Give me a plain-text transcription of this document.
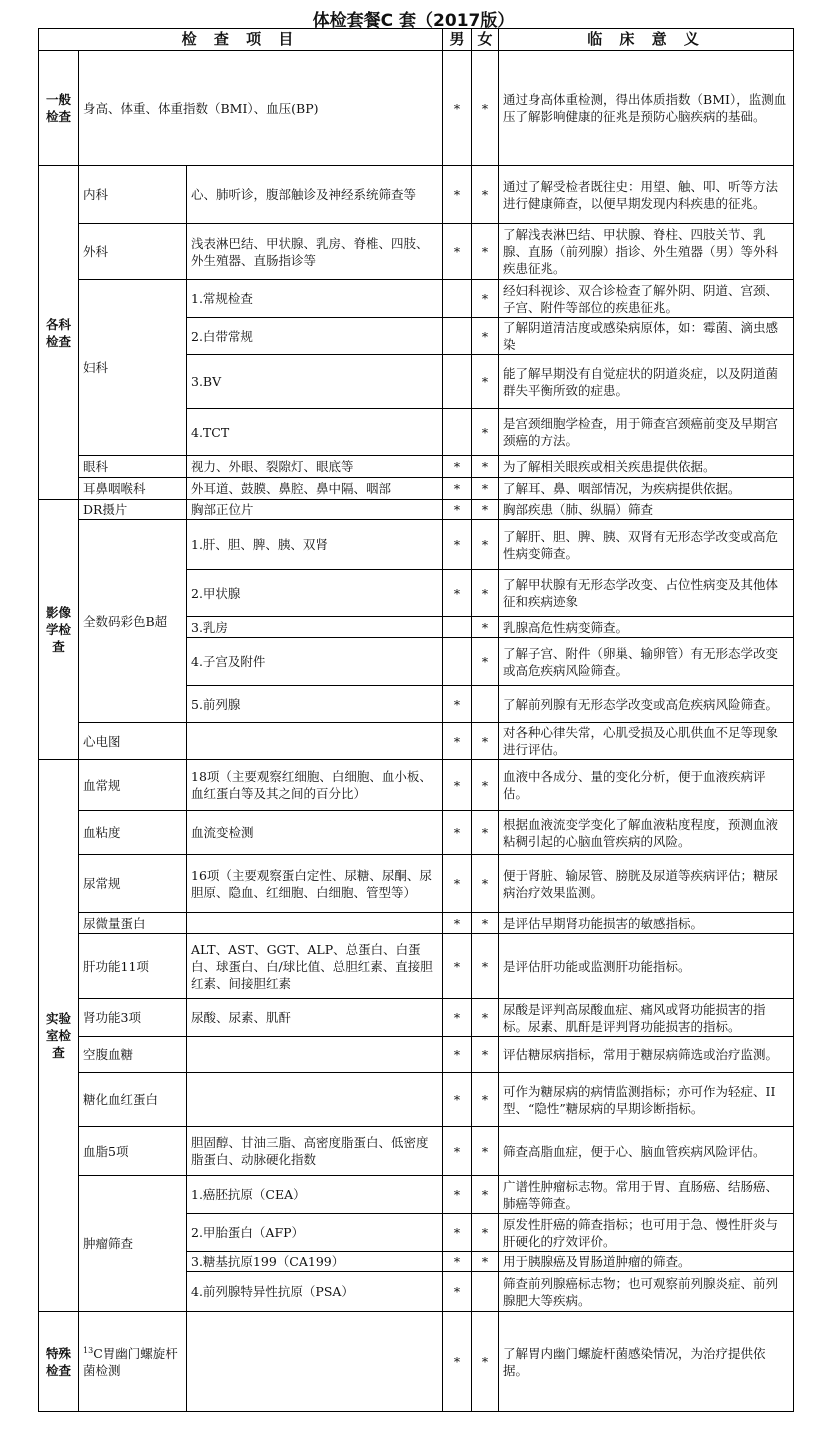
体检套餐C 套（2017版）
检 查 项 目			男	女	临 床 意 义
一般检查	身高、体重、体重指数（BMI）、血压(BP)		*	*	通过身高体重检测，得出体质指数（BMI），监测血压了解影响健康的征兆是预防心脑疾病的基础。
各科检查	内科	心、肺听诊，腹部触诊及神经系统筛查等	*	*	通过了解受检者既往史：用望、触、叩、听等方法进行健康筛查，以便早期发现内科疾患的征兆。
	外科	浅表淋巴结、甲状腺、乳房、脊椎、四肢、外生殖器、直肠指诊等	*	*	了解浅表淋巴结、甲状腺、脊柱、四肢关节、乳腺、直肠（前列腺）指诊、外生殖器（男）等外科疾患征兆。
	妇科	1.常规检查		*	经妇科视诊、双合诊检查了解外阴、阴道、宫颈、子宫、附件等部位的疾患征兆。
		2.白带常规		*	了解阴道清洁度或感染病原体，如：霉菌、滴虫感染
		3.BV		*	能了解早期没有自觉症状的阴道炎症，以及阴道菌群失平衡所致的症患。
		4.TCT		*	是宫颈细胞学检查，用于筛查宫颈癌前变及早期宫颈癌的方法。
	眼科	视力、外眼、裂隙灯、眼底等	*	*	为了解相关眼疾或相关疾患提供依据。
	耳鼻咽喉科	外耳道、鼓膜、鼻腔、鼻中隔、咽部	*	*	了解耳、鼻、咽部情况，为疾病提供依据。
影像学检查	DR摄片	胸部正位片	*	*	胸部疾患（肺、纵膈）筛查
	全数码彩色B超	1.肝、胆、脾、胰、双肾	*	*	了解肝、胆、脾、胰、双肾有无形态学改变或高危性病变筛查。
		2.甲状腺	*	*	了解甲状腺有无形态学改变、占位性病变及其他体征和疾病迹象
		3.乳房		*	乳腺高危性病变筛查。
		4.子宫及附件		*	了解子宫、附件（卵巢、输卵管）有无形态学改变或高危疾病风险筛查。
		5.前列腺	*		了解前列腺有无形态学改变或高危疾病风险筛查。
	心电图		*	*	对各种心律失常，心肌受损及心肌供血不足等现象进行评估。
实验室检查	血常规	18项（主要观察红细胞、白细胞、血小板、血红蛋白等及其之间的百分比）	*	*	血液中各成分、量的变化分析，便于血液疾病评估。
	血粘度	血流变检测	*	*	根据血液流变学变化了解血液粘度程度，预测血液粘稠引起的心脑血管疾病的风险。
	尿常规	16项（主要观察蛋白定性、尿糖、尿酮、尿胆原、隐血、红细胞、白细胞、管型等）	*	*	便于肾脏、输尿管、膀胱及尿道等疾病评估；糖尿病治疗效果监测。
	尿微量蛋白		*	*	是评估早期肾功能损害的敏感指标。
	肝功能11项	ALT、AST、GGT、ALP、总蛋白、白蛋白、球蛋白、白/球比值、总胆红素、直接胆红素、间接胆红素	*	*	是评估肝功能或监测肝功能指标。
	肾功能3项	尿酸、尿素、肌酐	*	*	尿酸是评判高尿酸血症、痛风或肾功能损害的指标。尿素、肌酐是评判肾功能损害的指标。
	空腹血糖		*	*	评估糖尿病指标，常用于糖尿病筛选或治疗监测。
	糖化血红蛋白		*	*	可作为糖尿病的病情监测指标；亦可作为轻症、II型、“隐性”糖尿病的早期诊断指标。
	血脂5项	胆固醇、甘油三脂、高密度脂蛋白、低密度脂蛋白、动脉硬化指数	*	*	筛查高脂血症，便于心、脑血管疾病风险评估。
	肿瘤筛查	1.癌胚抗原（CEA）	*	*	广谱性肿瘤标志物。常用于胃、直肠癌、结肠癌、肺癌等筛查。
		2.甲胎蛋白（AFP）	*	*	原发性肝癌的筛查指标；也可用于急、慢性肝炎与肝硬化的疗效评价。
		3.糖基抗原199（CA199）	*	*	用于胰腺癌及胃肠道肿瘤的筛查。
		4.前列腺特异性抗原（PSA）	*		筛查前列腺癌标志物；也可观察前列腺炎症、前列腺肥大等疾病。
特殊检查	$^{13}$C胃幽门螺旋杆菌检测		*	*	了解胃内幽门螺旋杆菌感染情况，为治疗提供依据。
